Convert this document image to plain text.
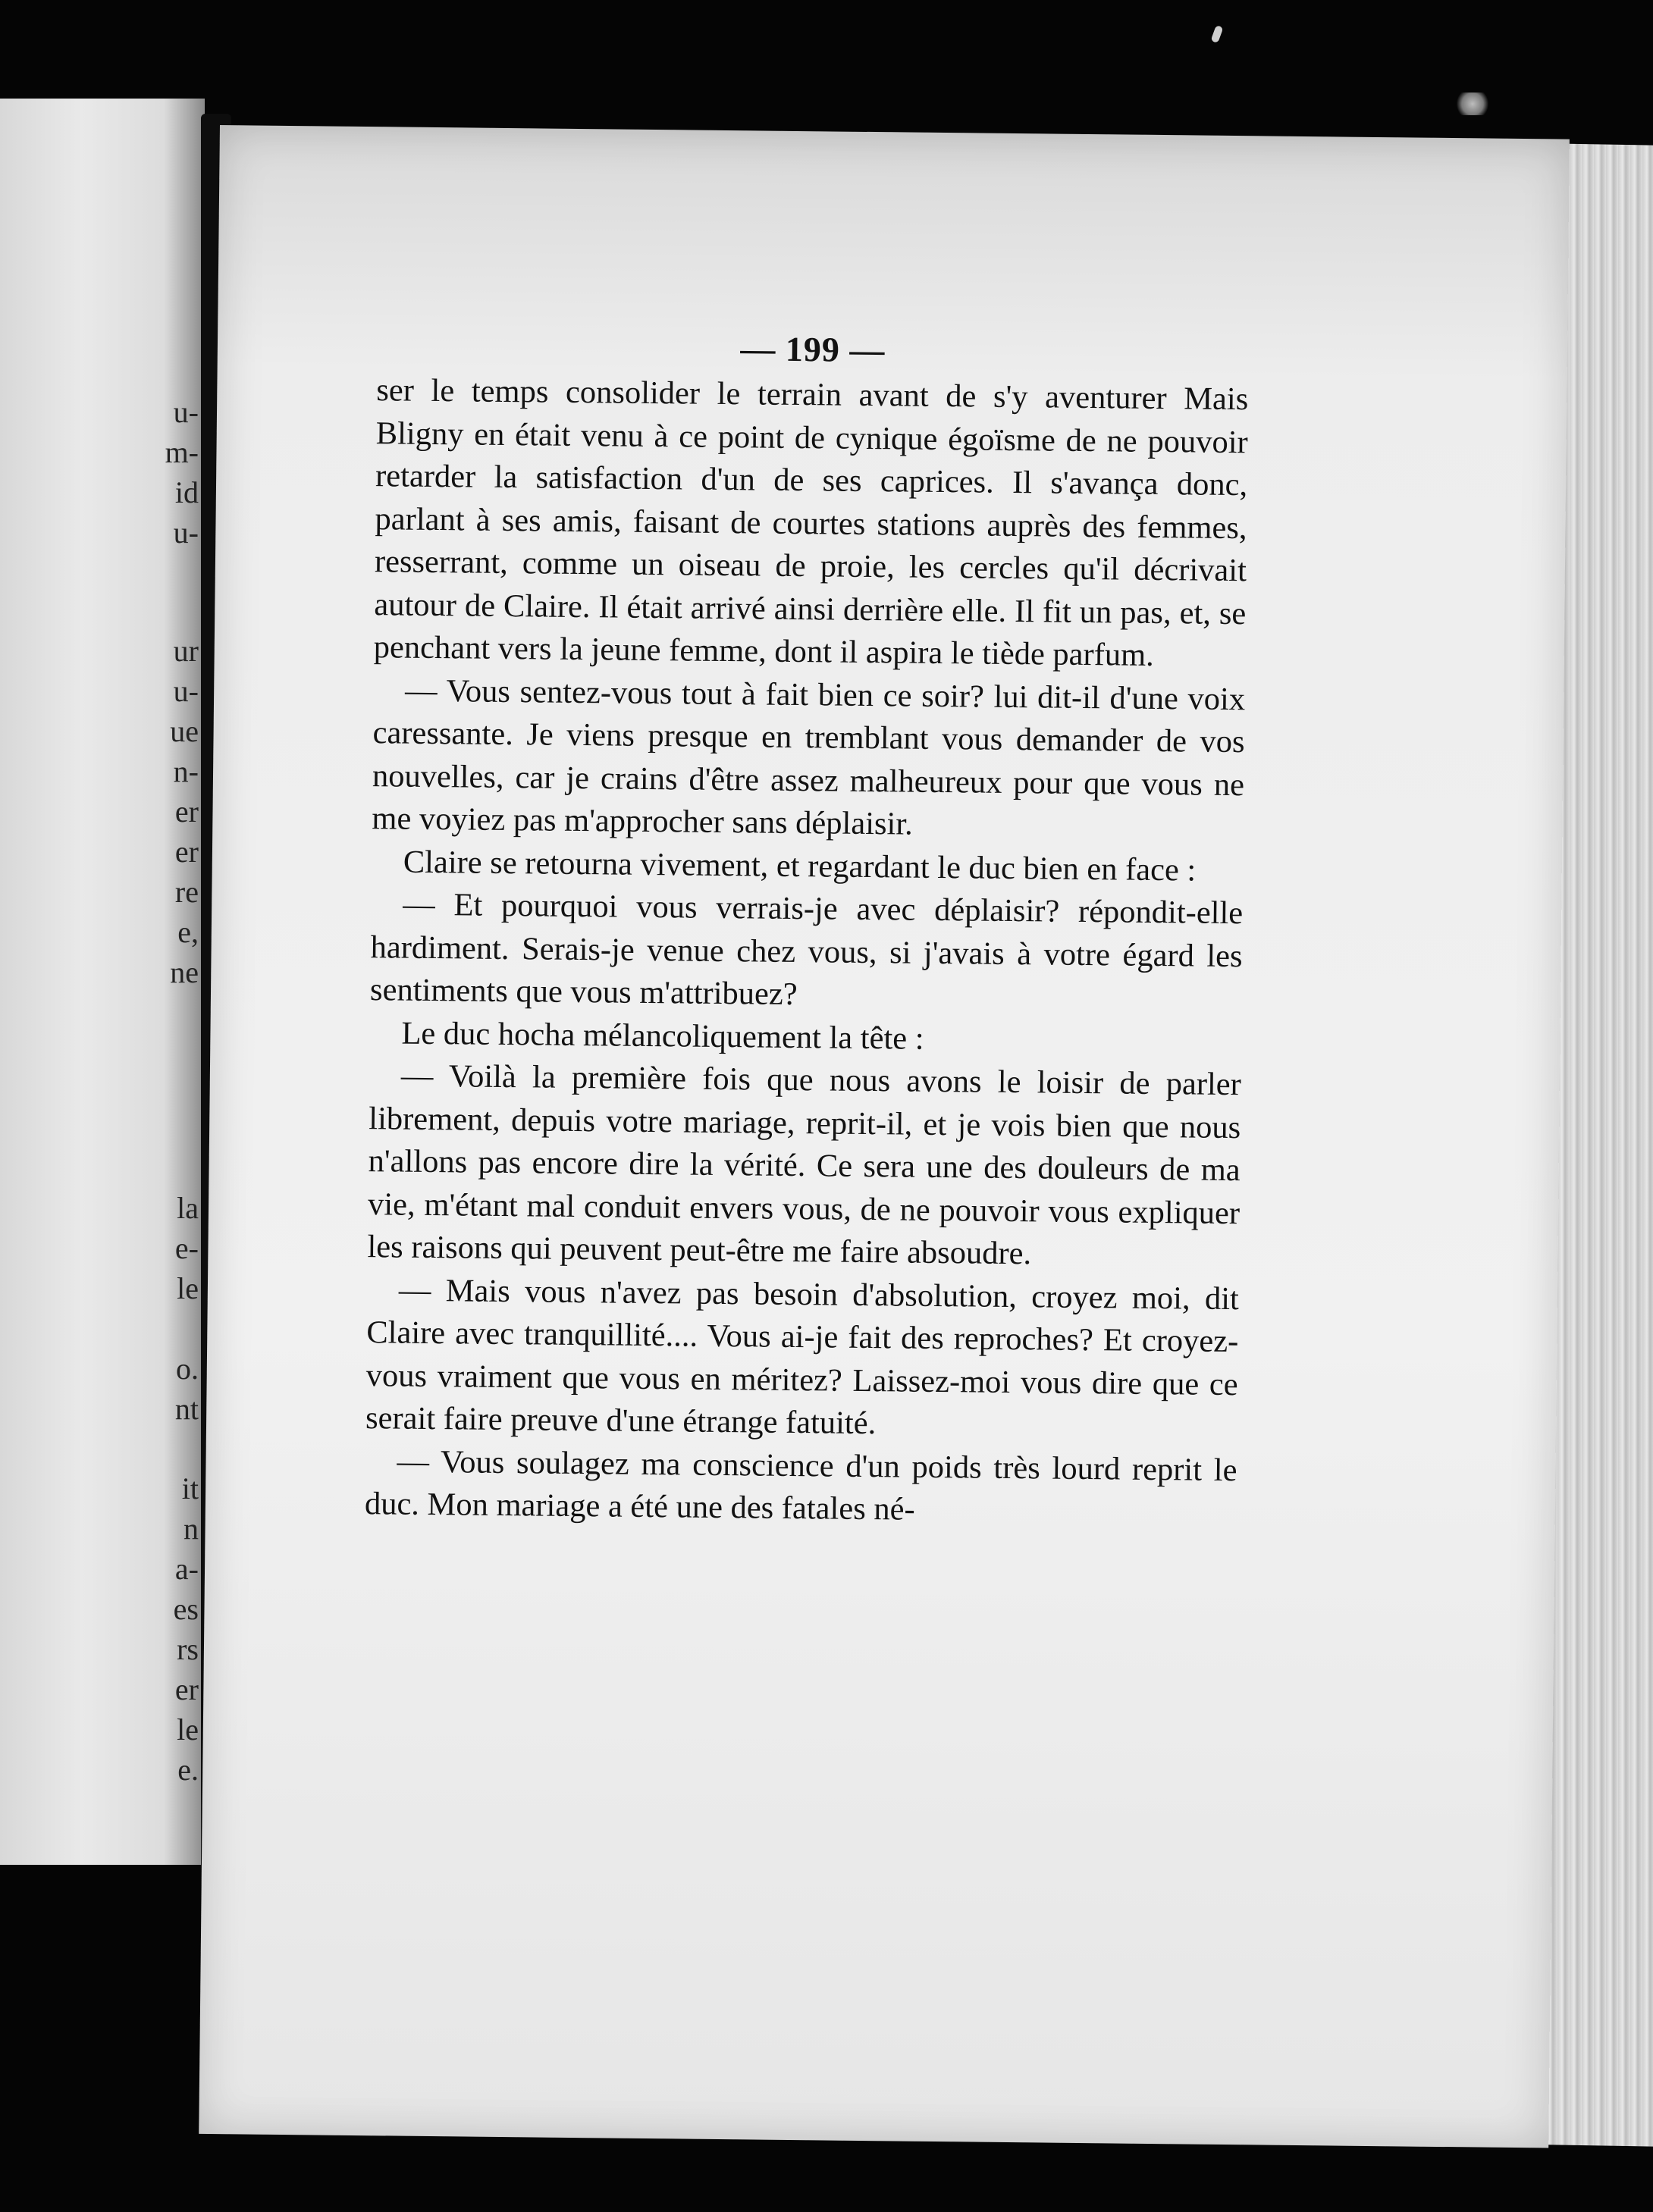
u-
m-
id
u-
ur
u-
ue
n-
er
er
re
e,
ne
la
e-
le
o.
nt
it
n
a-
es
rs
er
le
e.
— 199 —

ser le temps consolider le terrain avant de s'y aventurer Mais Bligny en était venu à ce point de cynique égoïsme de ne pouvoir retarder la satisfaction d'un de ses caprices. Il s'avança donc, parlant à ses amis, faisant de courtes stations auprès des femmes, resserrant, comme un oiseau de proie, les cercles qu'il décrivait autour de Claire. Il était arrivé ainsi derrière elle. Il fit un pas, et, se penchant vers la jeune femme, dont il aspira le tiède parfum.

— Vous sentez-vous tout à fait bien ce soir? lui dit-il d'une voix caressante. Je viens presque en tremblant vous demander de vos nouvelles, car je crains d'être assez malheureux pour que vous ne me voyiez pas m'approcher sans déplaisir.

Claire se retourna vivement, et regardant le duc bien en face :

— Et pourquoi vous verrais-je avec déplaisir? répondit-elle hardiment. Serais-je venue chez vous, si j'avais à votre égard les sentiments que vous m'attribuez?

Le duc hocha mélancoliquement la tête :

— Voilà la première fois que nous avons le loisir de parler librement, depuis votre mariage, reprit-il, et je vois bien que nous n'allons pas encore dire la vérité. Ce sera une des douleurs de ma vie, m'étant mal conduit envers vous, de ne pouvoir vous expliquer les raisons qui peuvent peut-être me faire absoudre.

— Mais vous n'avez pas besoin d'absolution, croyez moi, dit Claire avec tranquillité.... Vous ai-je fait des reproches? Et croyez-vous vraiment que vous en méritez? Laissez-moi vous dire que ce serait faire preuve d'une étrange fatuité.

— Vous soulagez ma conscience d'un poids très lourd reprit le duc. Mon mariage a été une des fatales né-
